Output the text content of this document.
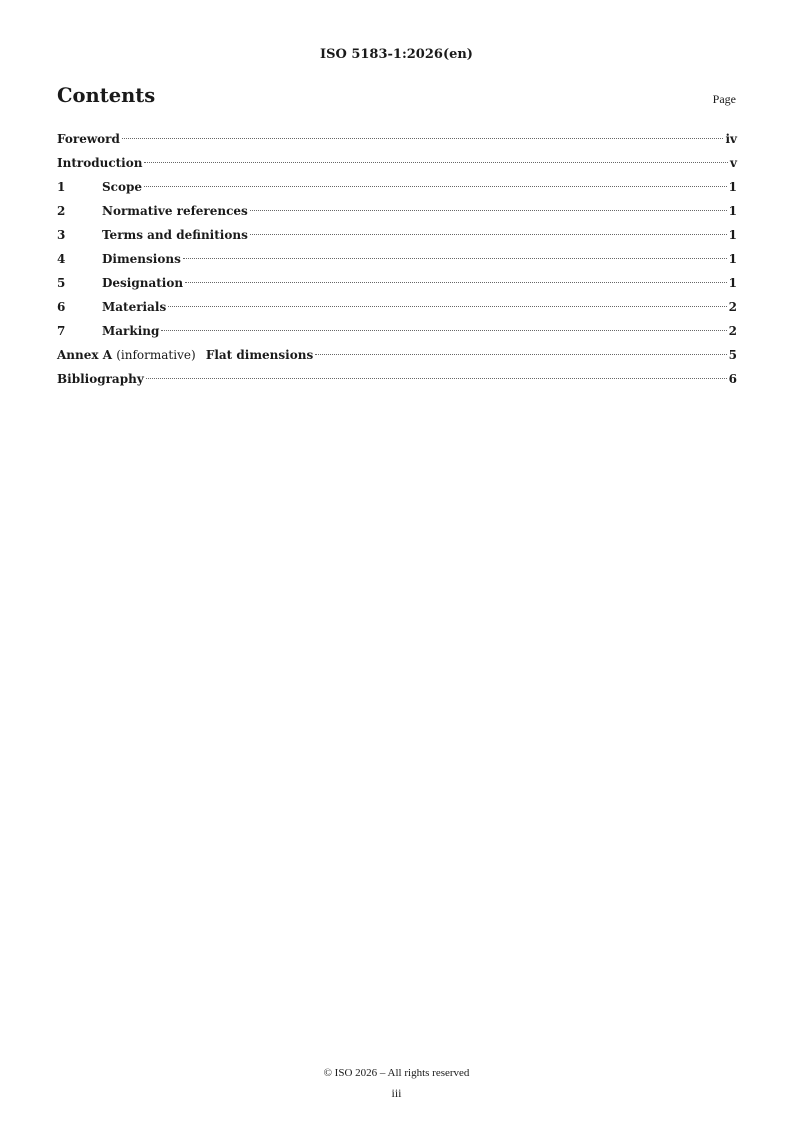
ISO 5183-1:2026(en)
Contents	Page
Foreword	iv
Introduction	v
1	Scope	1
2	Normative references	1
3	Terms and definitions	1
4	Dimensions	1
5	Designation	1
6	Materials	2
7	Marking	2
Annex A (informative) Flat dimensions	5
Bibliography	6
© ISO 2026 – All rights reserved
iii
